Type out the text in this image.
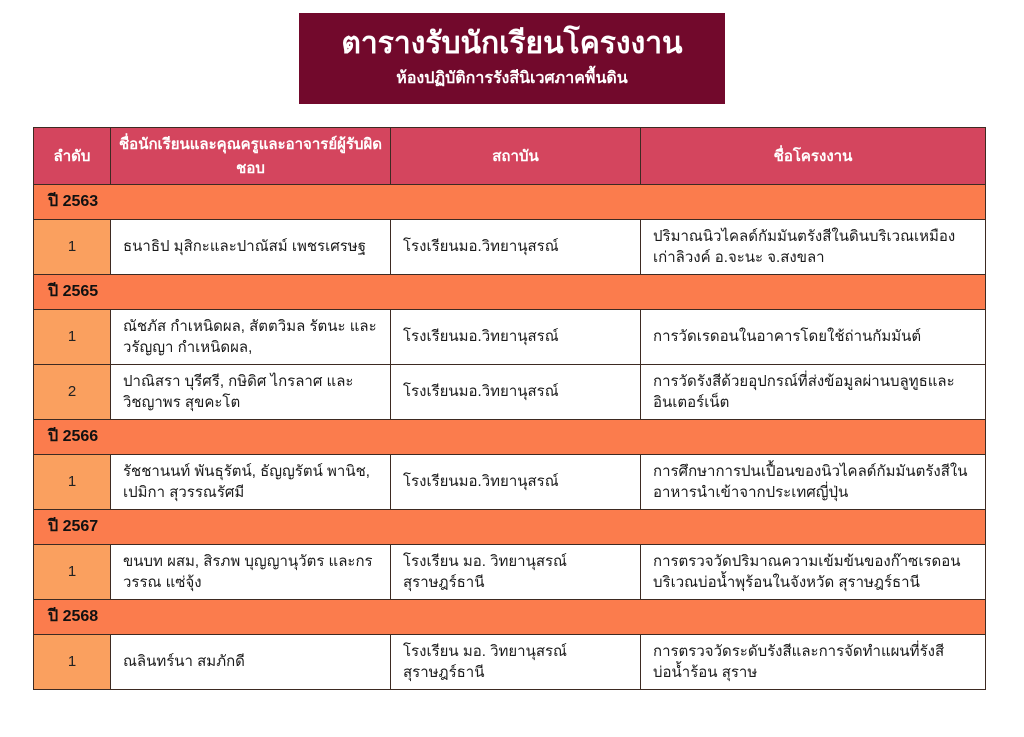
ตารางรับนักเรียนโครงงาน
ห้องปฏิบัติการรังสีนิเวศภาคพื้นดิน
ลำดับ	ชื่อนักเรียนและคุณครูและอาจารย์ผู้รับผิดชอบ	สถาบัน	ชื่อโครงงาน
ปี 2563			
1	ธนาธิป มุสิกะและปาณัสม์ เพชรเศรษฐ	โรงเรียนมอ.วิทยานุสรณ์	ปริมาณนิวไคลด์กัมมันตรังสีในดินบริเวณเหมืองเก่าลิวงค์ อ.จะนะ จ.สงขลา
ปี 2565			
1	ณัชภัส กำเหนิดผล, สัตตวิมล รัตนะ และ วรัญญา กำเหนิดผล,	โรงเรียนมอ.วิทยานุสรณ์	การวัดเรดอนในอาคารโดยใช้ถ่านกัมมันต์
2	ปาณิสรา บุรีศรี, กษิดิศ ไกรลาศ และวิชญาพร สุขคะโต	โรงเรียนมอ.วิทยานุสรณ์	การวัดรังสีด้วยอุปกรณ์ที่ส่งข้อมูลผ่านบลูทูธและอินเตอร์เน็ต
ปี 2566			
1	รัชชานนท์ พันธุรัตน์, ธัญญรัตน์ พานิช, เปมิกา สุวรรณรัศมี	โรงเรียนมอ.วิทยานุสรณ์	การศึกษาการปนเปื้อนของนิวไคลด์กัมมันตรังสีในอาหารนำเข้าจากประเทศญี่ปุ่น
ปี 2567			
1	ขนบท ผสม, สิรภพ บุญญานุวัตร และกรวรรณ แซ่จุ้ง	โรงเรียน มอ. วิทยานุสรณ์ สุราษฎร์ธานี	การตรวจวัดปริมาณความเข้มข้นของก๊าซเรดอนบริเวณบ่อน้ำพุร้อนในจังหวัด สุราษฎร์ธานี
ปี 2568			
1	ณลินทร์นา สมภักดี	โรงเรียน มอ. วิทยานุสรณ์ สุราษฎร์ธานี	การตรวจวัดระดับรังสีและการจัดทำแผนที่รังสี บ่อน้ำร้อน สุราษ
